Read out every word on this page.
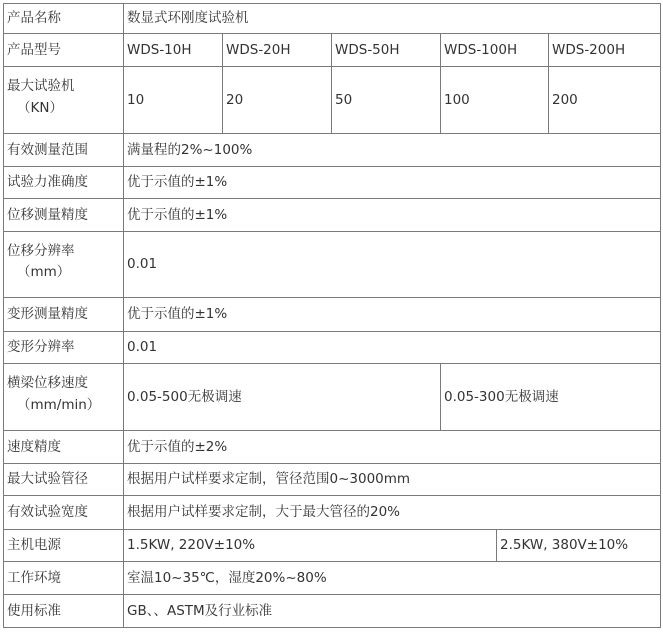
产品名称	数显式环刚度试验机					
产品型号	WDS-10H	WDS-20H	WDS-50H	WDS-100H		WDS-200H

最大试验机
（KN）	10	20	50	100		200
有效测量范围	满量程的2%~100%					
试验力准确度	优于示值的±1%					
位移测量精度	优于示值的±1%					

位移分辨率
（mm）	0.01					
变形测量精度	优于示值的±1%					
变形分辨率	0.01					

横梁位移速度
（mm/min）	0.05-500无极调速			0.05-300无极调速		
速度精度	优于示值的±2%					
最大试验管径	根据用户试样要求定制，管径范围0~3000mm					
有效试验宽度	根据用户试样要求定制，大于最大管径的20%					
主机电源	1.5KW, 220V±10%				2.5KW, 380V±10%	
工作环境	室温10~35℃，湿度20%~80%					
使用标准	GB、、ASTM及行业标准					
